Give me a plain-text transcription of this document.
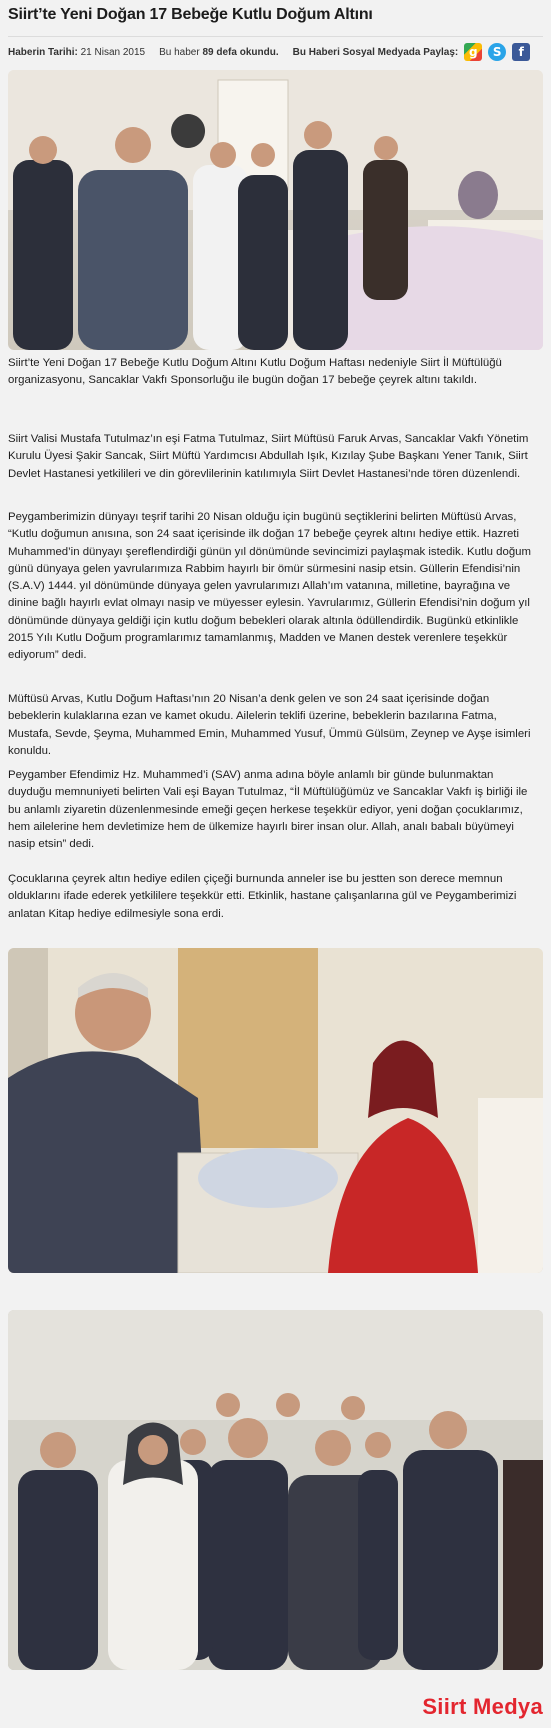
Siirt’te Yeni Doğan 17 Bebeğe Kutlu Doğum Altını
Haberin Tarihi:
21 Nisan 2015 Bu haber
89 defa okundu. Bu Haberi Sosyal Medyada Paylaş: g	S	f

Siirt’te Yeni Doğan 17 Bebeğe Kutlu Doğum Altını Kutlu Doğum Haftası nedeniyle Siirt İl Müftülüğü organizasyonu, Sancaklar Vakfı Sponsorluğu ile bugün doğan 17 bebeğe çeyrek altını takıldı.

Siirt Valisi Mustafa Tutulmaz’ın eşi Fatma Tutulmaz, Siirt Müftüsü Faruk Arvas, Sancaklar Vakfı Yönetim Kurulu Üyesi Şakir Sancak, Siirt Müftü Yardımcısı Abdullah Işık, Kızılay Şube Başkanı Yener Tanık, Siirt Devlet Hastanesi yetkilileri ve din görevlilerinin katılımıyla Siirt Devlet Hastanesi’nde tören düzenlendi.

Peygamberimizin dünyayı teşrif tarihi 20 Nisan olduğu için bugünü seçtiklerini belirten Müftüsü Arvas, “Kutlu doğumun anısına, son 24 saat içerisinde ilk doğan 17 bebeğe çeyrek altını hediye ettik. Hazreti Muhammed’in dünyayı şereflendirdiği günün yıl dönümünde sevincimizi paylaşmak istedik. Kutlu doğum günü dünyaya gelen yavrularımıza Rabbim hayırlı bir ömür sürmesini nasip etsin. Güllerin Efendisi’nin (S.A.V) 1444. yıl dönümünde dünyaya gelen yavrularımızı Allah’ım vatanına, milletine, bayrağına ve dinine bağlı hayırlı evlat olmayı nasip ve müyesser eylesin. Yavrularımız, Güllerin Efendisi’nin doğum yıl dönümünde dünyaya geldiği için kutlu doğum bebekleri olarak altınla ödüllendirdik. Bugünkü etkinlikle 2015 Yılı Kutlu Doğum programlarımız tamamlanmış, Madden ve Manen destek verenlere teşekkür ediyorum” dedi.

Müftüsü Arvas, Kutlu Doğum Haftası’nın 20 Nisan’a denk gelen ve son 24 saat içerisinde doğan bebeklerin kulaklarına ezan ve kamet okudu. Ailelerin teklifi üzerine, bebeklerin bazılarına Fatma, Mustafa, Sevde, Şeyma, Muhammed Emin, Muhammed Yusuf, Ümmü Gülsüm, Zeynep ve Ayşe isimleri konuldu.

Peygamber Efendimiz Hz. Muhammed’i (SAV) anma adına böyle anlamlı bir günde bulunmaktan duyduğu memnuniyeti belirten Vali eşi Bayan Tutulmaz, “İl Müftülüğümüz ve Sancaklar Vakfı iş birliği ile bu anlamlı ziyaretin düzenlenmesinde emeği geçen herkese teşekkür ediyor, yeni doğan çocuklarımız, hem ailelerine hem devletimize hem de ülkemize hayırlı birer insan olur. Allah, analı babalı büyümeyi nasip etsin” dedi.

Çocuklarına çeyrek altın hediye edilen çiçeği burnunda anneler ise bu jestten son derece memnun olduklarını ifade ederek yetkililere teşekkür etti. Etkinlik, hastane çalışanlarına gül ve Peygamberimizi anlatan Kitap hediye edilmesiyle sona erdi.

Siirt Medya
